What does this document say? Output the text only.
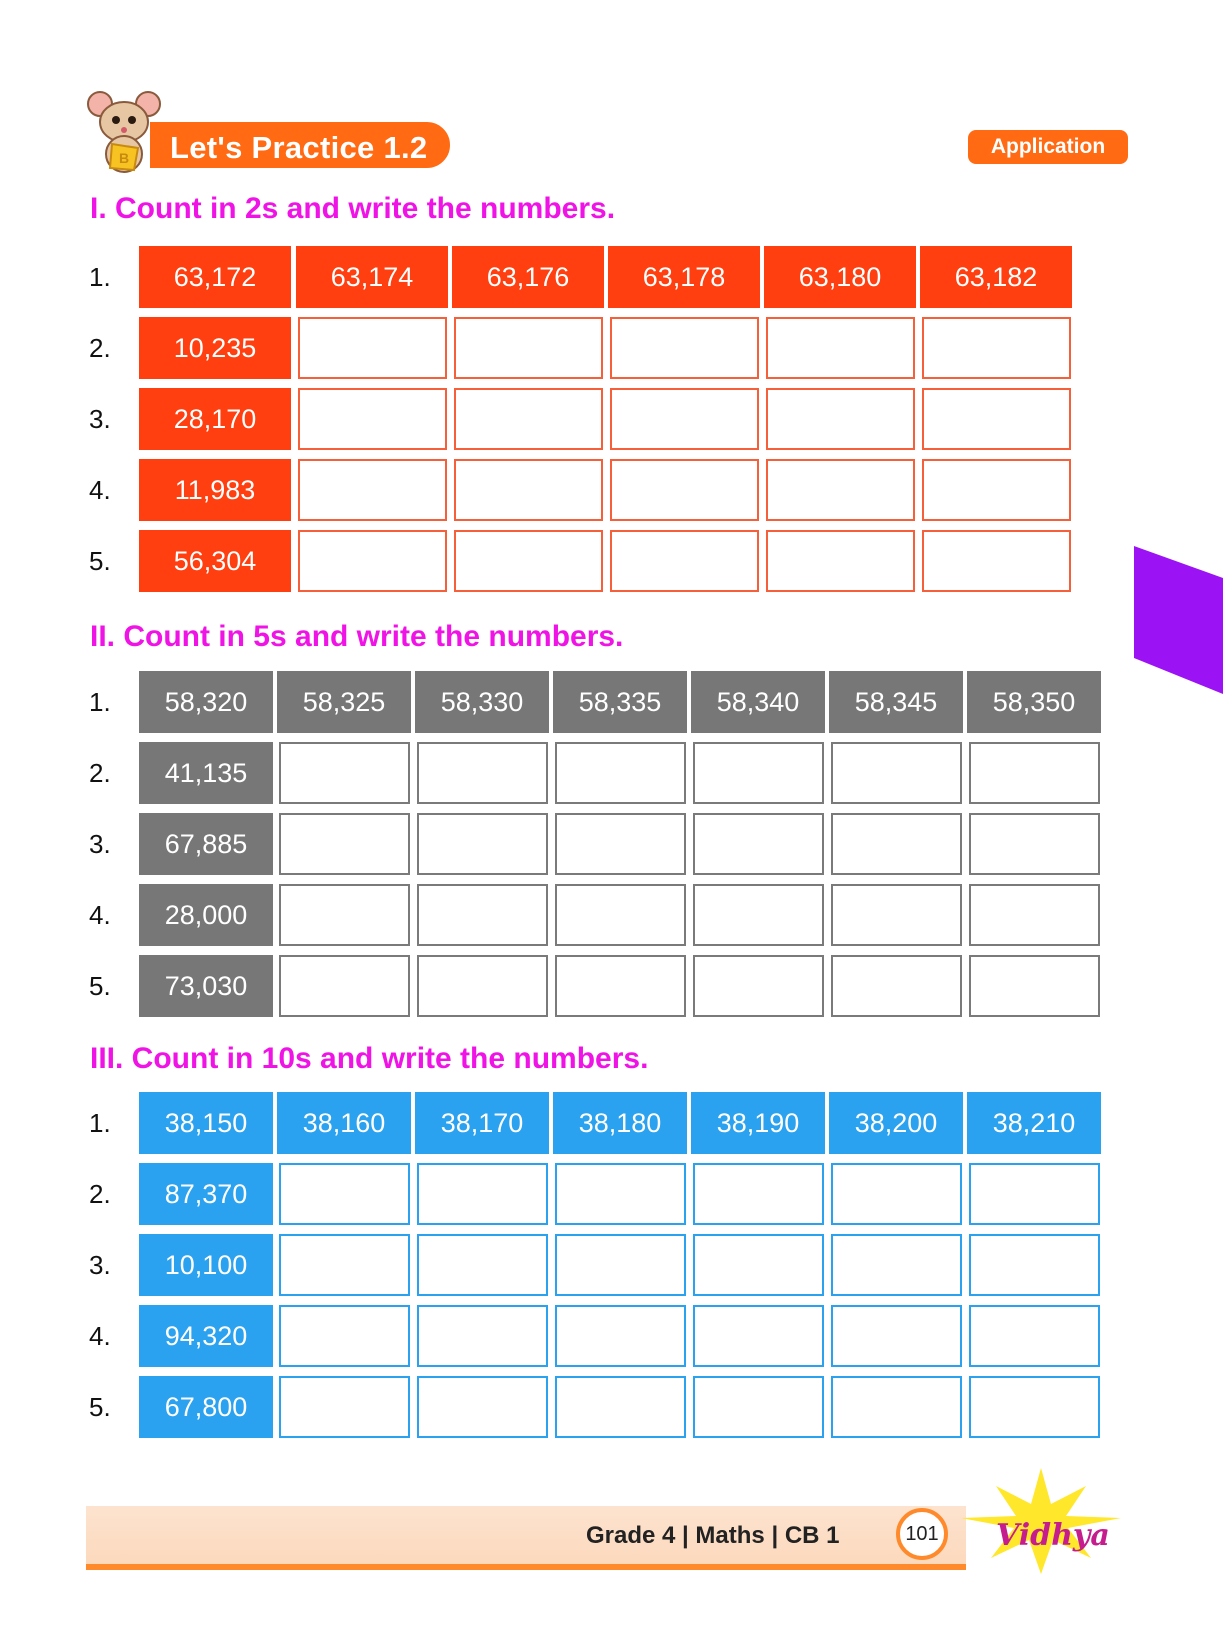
B Let's Practice 1.2	Application
I. Count in 2s and write the numbers.
II. Count in 5s and write the numbers.
III. Count in 10s and write the numbers.
1.	63,172	63,174	63,176	63,178	63,180	63,182
2.	10,235
3.	28,170
4.	11,983
5.	56,304
1.	58,320	58,325	58,330	58,335	58,340	58,345	58,350
2.	41,135
3.	67,885
4.	28,000
5.	73,030
1.	38,150	38,160	38,170	38,180	38,190	38,200	38,210
2.	87,370
3.	10,100
4.	94,320
5.	67,800
Grade 4 | Maths | CB 1	101	Vidhya
